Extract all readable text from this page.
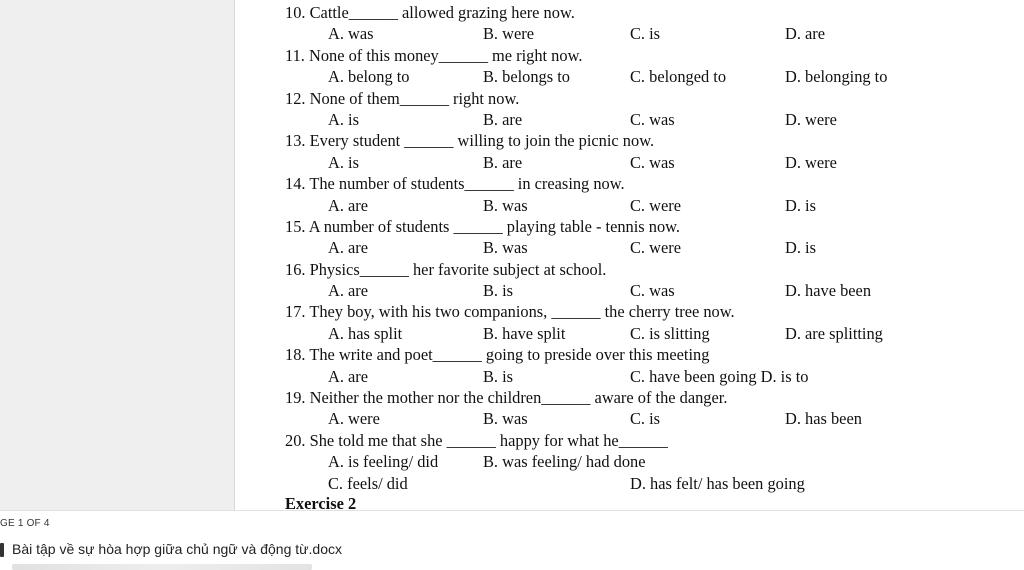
10. Cattle______ allowed grazing here now.
A. was	B. were	C. is	D. are
11. None of this money______ me right now.
A. belong to	B. belongs to	C. belonged to	D. belonging to
12. None of them______ right now.
A. is	B. are	C. was	D. were
13. Every student ______ willing to join the picnic now.
A. is	B. are	C. was	D. were
14. The number of students______ in creasing now.
A. are	B. was	C. were	D. is
15. A number of students ______ playing table - tennis now.
A. are	B. was	C. were	D. is
16. Physics______ her favorite subject at school.
A. are	B. is	C. was	D. have been
17. They boy, with his two companions, ______ the cherry tree now.
A. has split	B. have split	C. is slitting	D. are splitting
18. The write and poet______ going to preside over this meeting
A. are	B. is	C. have been going D. is to
19. Neither the mother nor the children______ aware of the danger.
A. were	B. was	C. is	D. has been
20. She told me that she ______ happy for what he______
A. is feeling/ did	B. was feeling/ had done
C. feels/ did	D. has felt/ has been going
Exercise 2
GE 1 OF 4
Bài tập về sự hòa hợp giữa chủ ngữ và động từ.docx
